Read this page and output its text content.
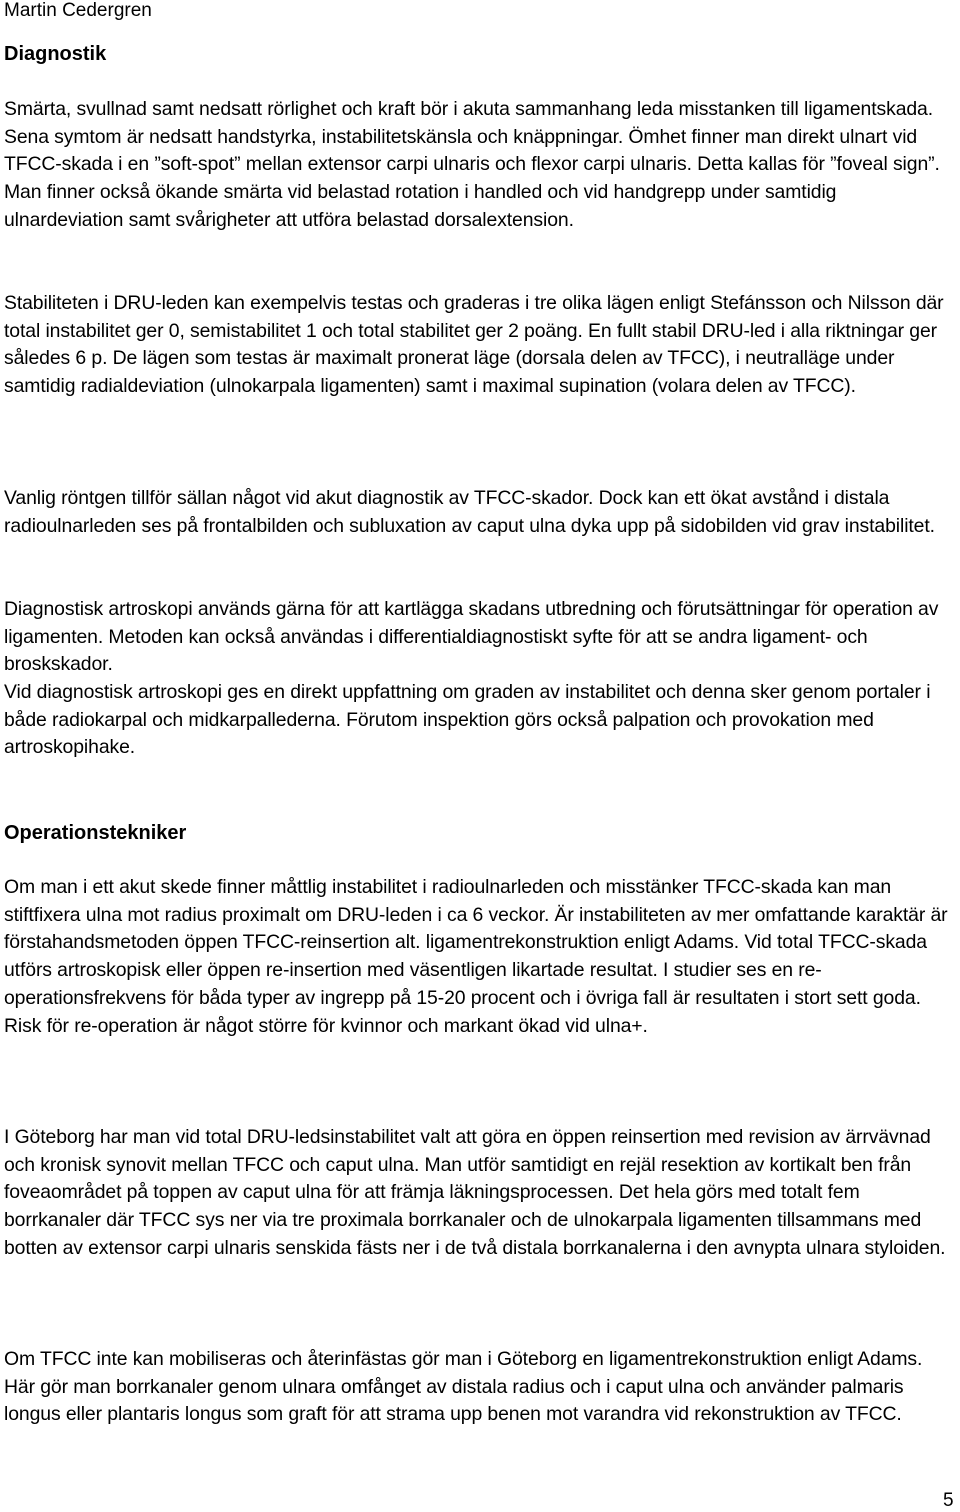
Martin Cedergren
Diagnostik

Smärta, svullnad samt nedsatt rörlighet och kraft bör i akuta sammanhang leda misstanken till ligamentskada. Sena symtom är nedsatt handstyrka, instabilitetskänsla och knäppningar. Ömhet finner man direkt ulnart vid TFCC-skada i en ”soft-spot” mellan extensor carpi ulnaris och flexor carpi ulnaris. Detta kallas för ”foveal sign”. Man finner också ökande smärta vid belastad rotation i handled och vid handgrepp under samtidig ulnardeviation samt svårigheter att utföra belastad dorsalextension.

Stabiliteten i DRU-leden kan exempelvis testas och graderas i tre olika lägen enligt Stefánsson och Nilsson där total instabilitet ger 0, semistabilitet 1 och total stabilitet ger 2 poäng. En fullt stabil DRU-led i alla riktningar ger således 6 p. De lägen som testas är maximalt pronerat läge (dorsala delen av TFCC), i neutralläge under samtidig radialdeviation (ulnokarpala ligamenten) samt i maximal supination (volara delen av TFCC).

Vanlig röntgen tillför sällan något vid akut diagnostik av TFCC-skador. Dock kan ett ökat avstånd i distala radioulnarleden ses på frontalbilden och subluxation av caput ulna dyka upp på sidobilden vid grav instabilitet.

Diagnostisk artroskopi används gärna för att kartlägga skadans utbredning och förutsättningar för operation av ligamenten. Metoden kan också användas i differentialdiagnostiskt syfte för att se andra ligament- och broskskador.

Vid diagnostisk artroskopi ges en direkt uppfattning om graden av instabilitet och denna sker genom portaler i både radiokarpal och midkarpallederna. Förutom inspektion görs också palpation och provokation med artroskopihake.

Operationstekniker

Om man i ett akut skede finner måttlig instabilitet i radioulnarleden och misstänker TFCC-skada kan man stiftfixera ulna mot radius proximalt om DRU-leden i ca 6 veckor. Är instabiliteten av mer omfattande karaktär är förstahandsmetoden öppen TFCC-reinsertion alt. ligamentrekonstruktion enligt Adams. Vid total TFCC-skada utförs artroskopisk eller öppen re-insertion med väsentligen likartade resultat. I studier ses en re-operationsfrekvens för båda typer av ingrepp på 15-20 procent och i övriga fall är resultaten i stort sett goda. Risk för re-operation är något större för kvinnor och markant ökad vid ulna+.

I Göteborg har man vid total DRU-ledsinstabilitet valt att göra en öppen reinsertion med revision av ärrvävnad och kronisk synovit mellan TFCC och caput ulna. Man utför samtidigt en rejäl resektion av kortikalt ben från foveaområdet på toppen av caput ulna för att främja läkningsprocessen. Det hela görs med totalt fem borrkanaler där TFCC sys ner via tre proximala borrkanaler och de ulnokarpala ligamenten tillsammans med botten av extensor carpi ulnaris senskida fästs ner i de två distala borrkanalerna i den avnypta ulnara styloiden.

Om TFCC inte kan mobiliseras och återinfästas gör man i Göteborg en ligamentrekonstruktion enligt Adams. Här gör man borrkanaler genom ulnara omfånget av distala radius och i caput ulna och använder palmaris longus eller plantaris longus som graft för att strama upp benen mot varandra vid rekonstruktion av TFCC.

5
